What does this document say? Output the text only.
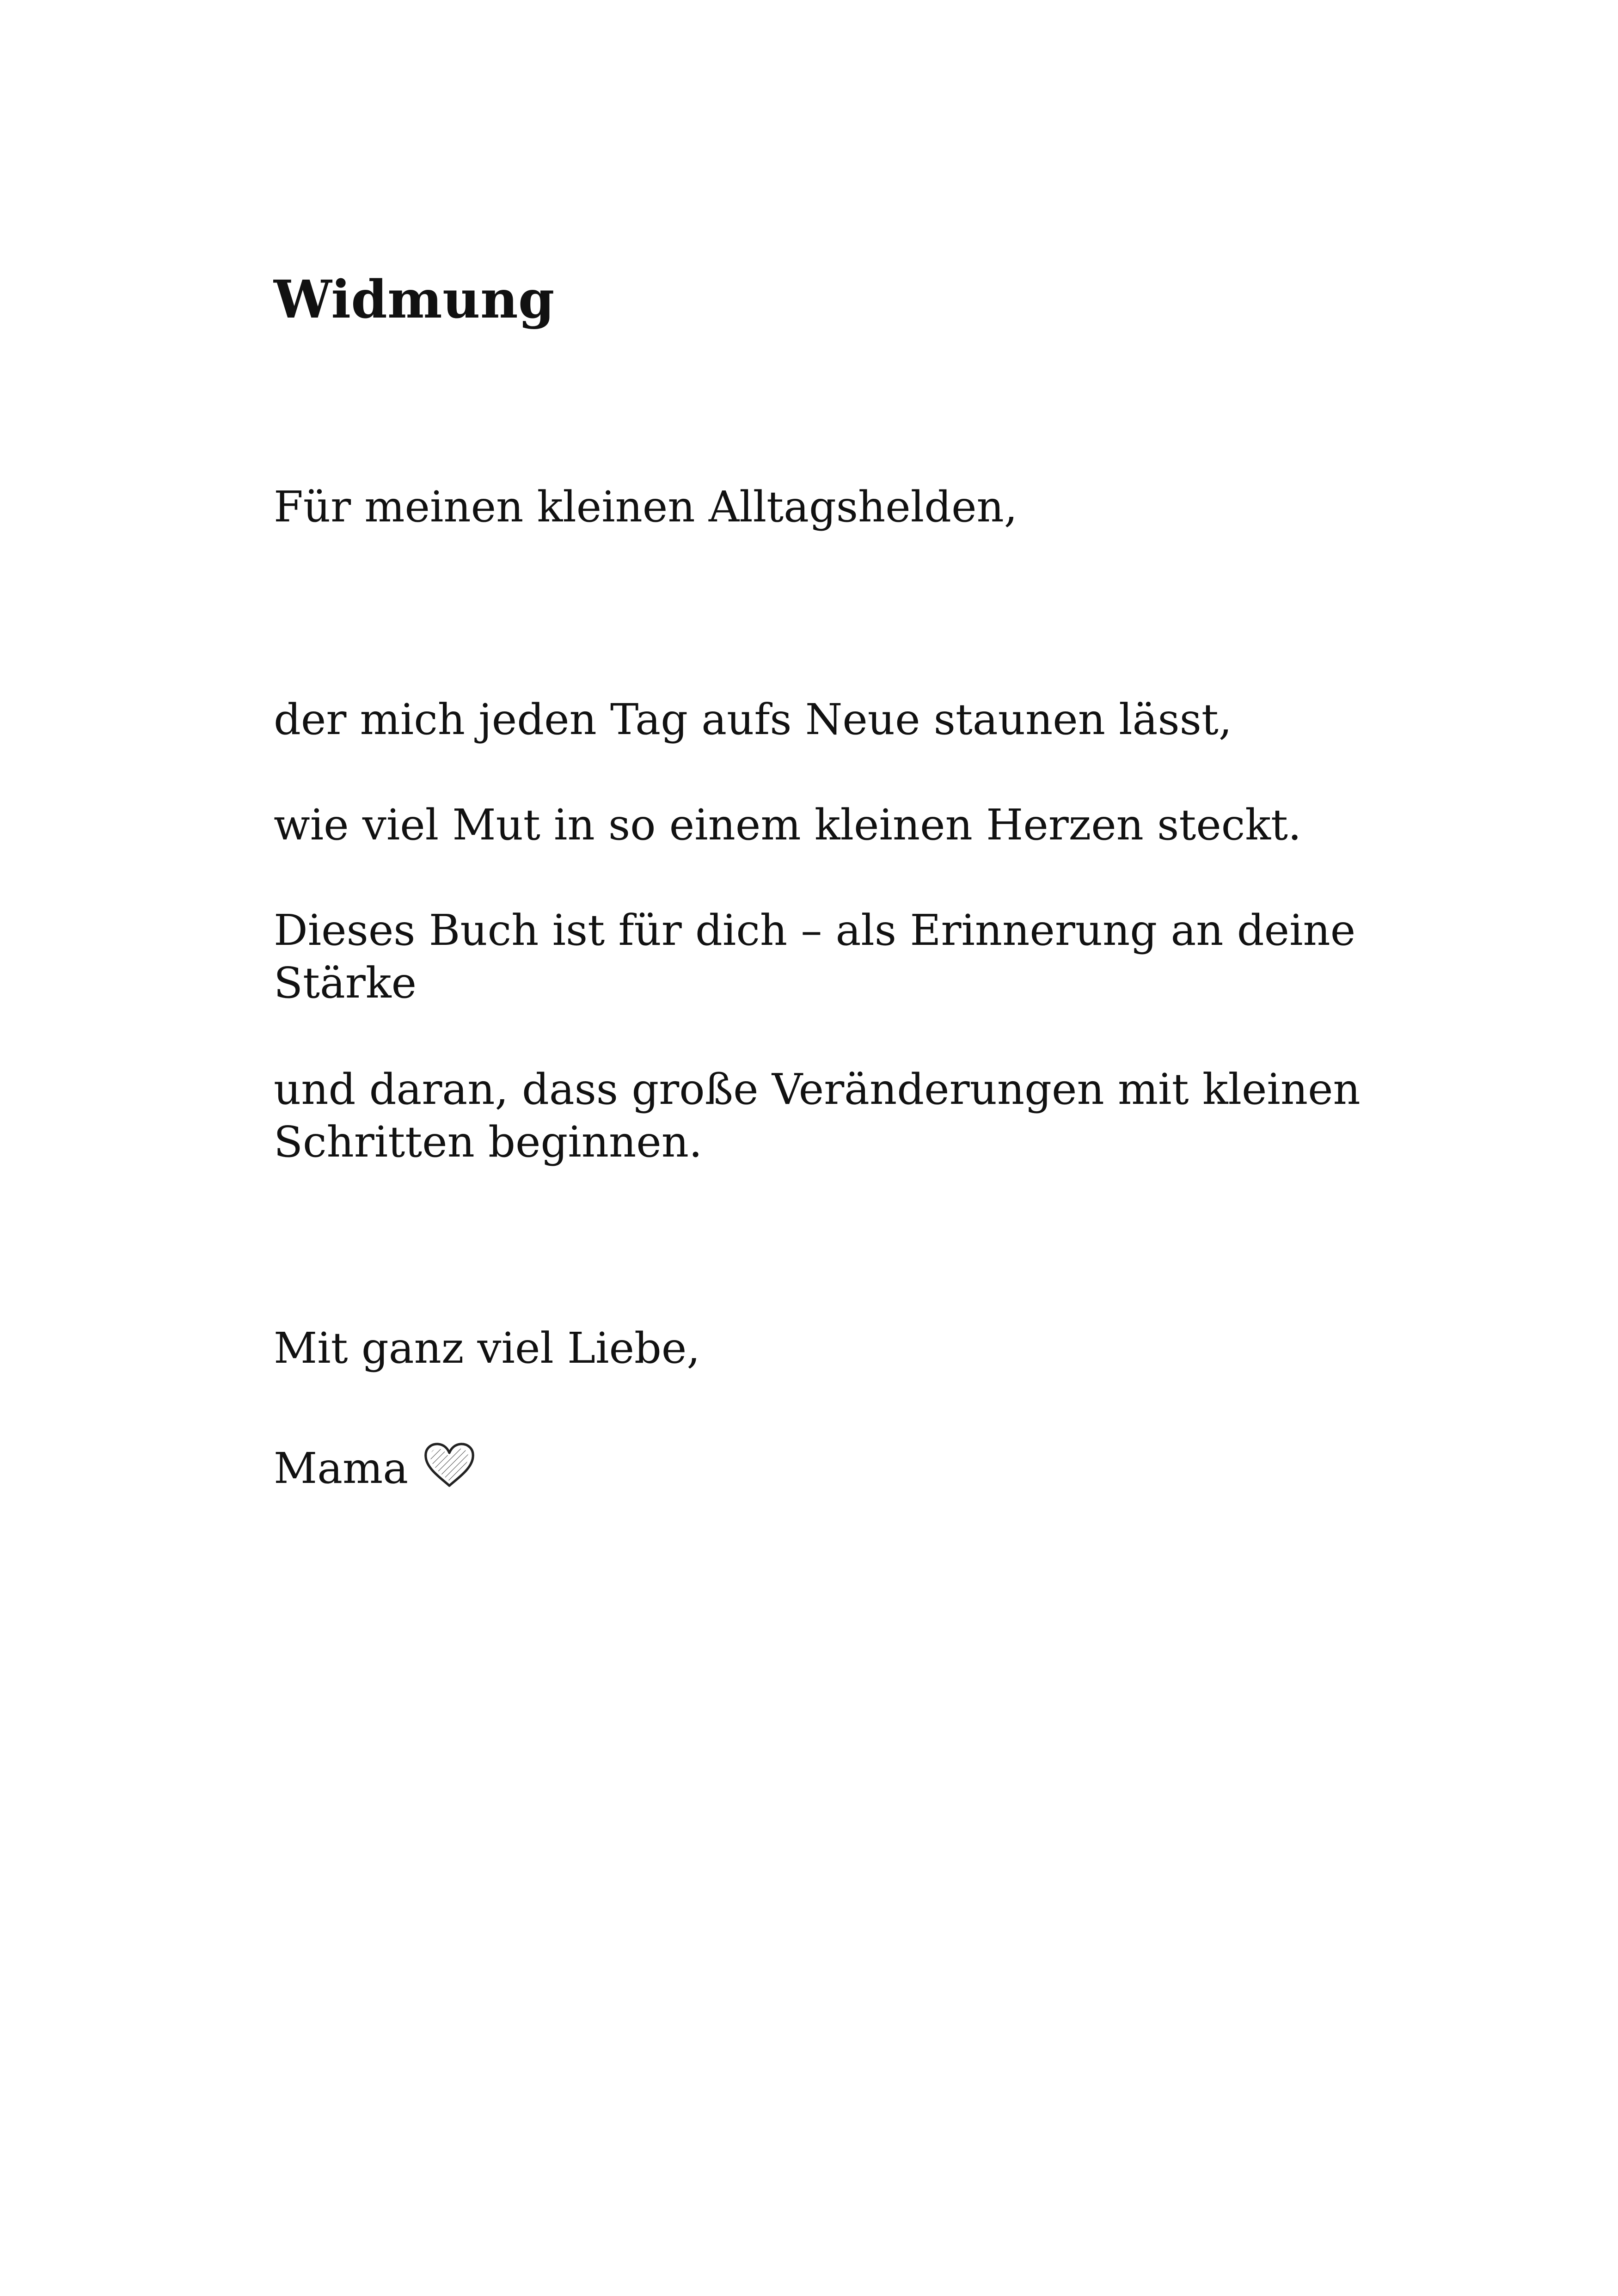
Widmung

Für meinen kleinen Alltagshelden,

der mich jeden Tag aufs Neue staunen lässt,

wie viel Mut in so einem kleinen Herzen steckt.

Dieses Buch ist für dich – als Erinnerung an deine
Stärke
und daran, dass große Veränderungen mit kleinen
Schritten beginnen.

Mit ganz viel Liebe,

Mama
